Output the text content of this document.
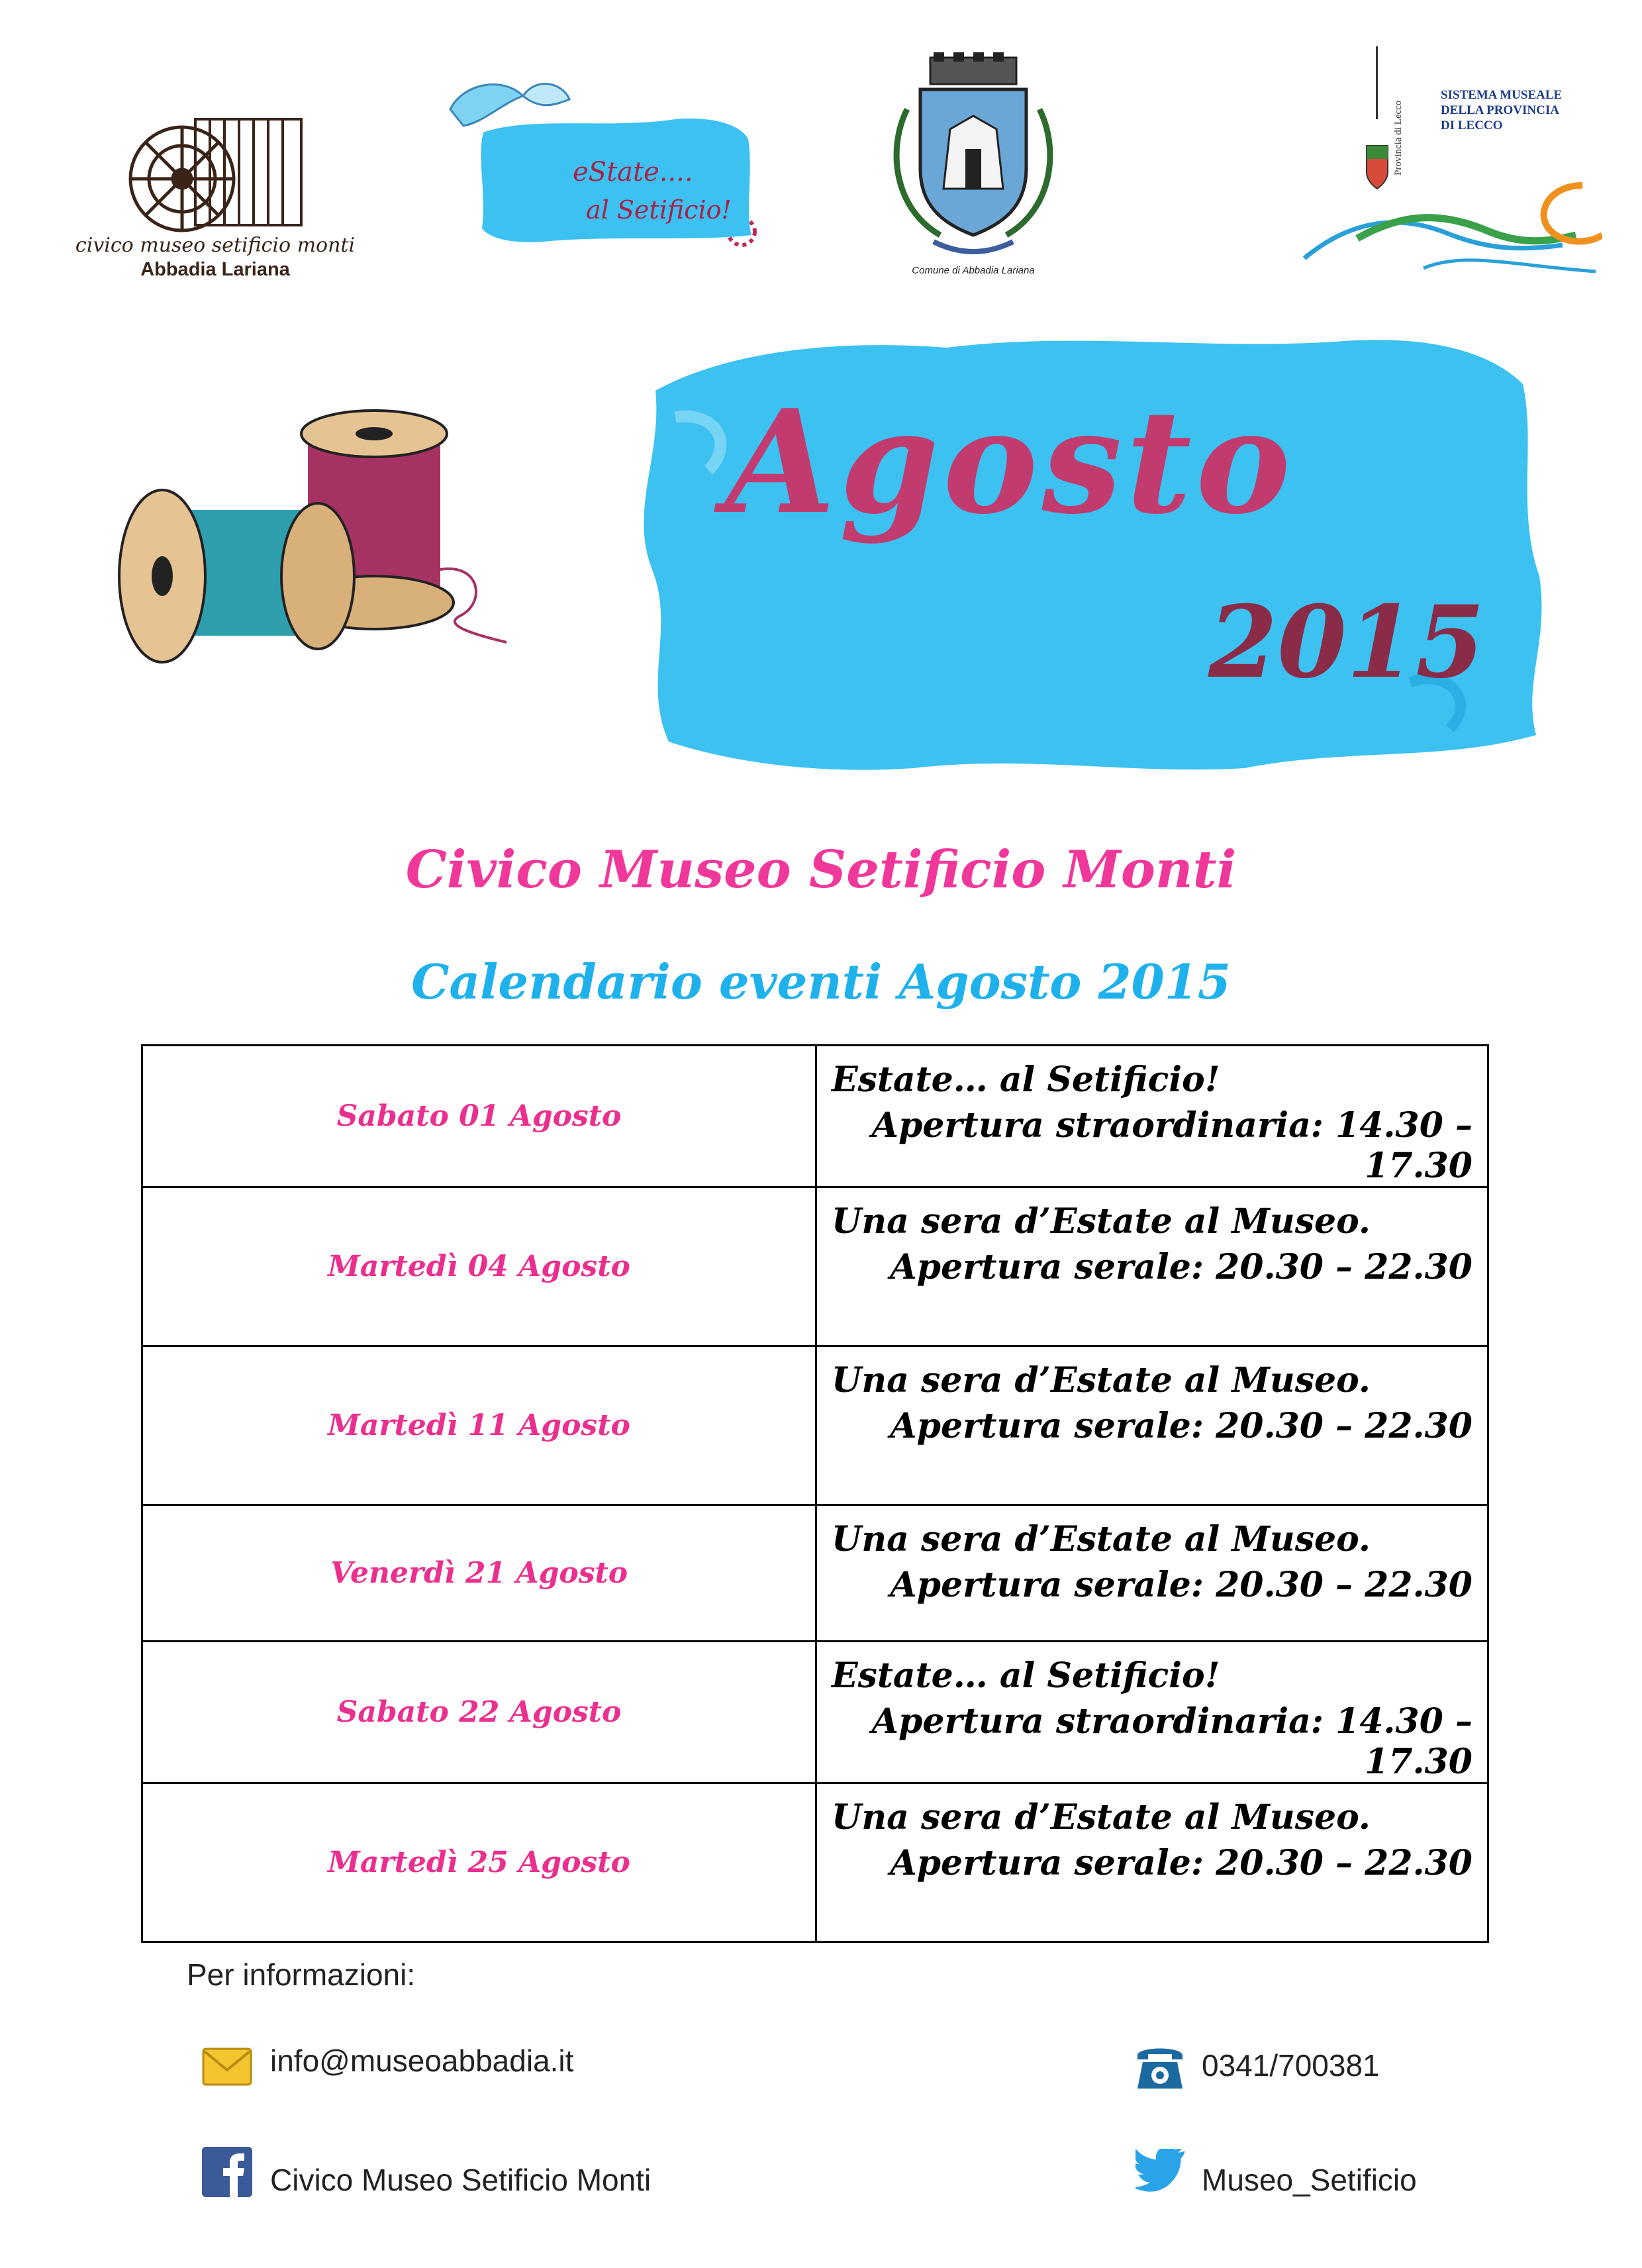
civico museo setificio monti
Abbadia Lariana
eState....
al Setificio!
Comune di Abbadia Lariana
Provincia di Lecco
SISTEMA MUSEALE
DELLA PROVINCIA
DI LECCO
Agosto
2015
Civico Museo Setificio Monti
Calendario eventi Agosto 2015
Sabato 01 Agosto	Estate… al Setificio!
Apertura straordinaria: 14.30 – 17.30

Martedì 04 Agosto	Una sera d’Estate al Museo.
Apertura serale: 20.30 – 22.30

Martedì 11 Agosto	Una sera d’Estate al Museo.
Apertura serale: 20.30 – 22.30

Venerdì 21 Agosto	Una sera d’Estate al Museo.
Apertura serale: 20.30 – 22.30

Sabato 22 Agosto	Estate… al Setificio!
Apertura straordinaria: 14.30 – 17.30

Martedì 25 Agosto	Una sera d’Estate al Museo.
Apertura serale: 20.30 – 22.30
Per informazioni:
info@museoabbadia.it	0341/700381
Civico Museo Setificio Monti	Museo_Setificio
